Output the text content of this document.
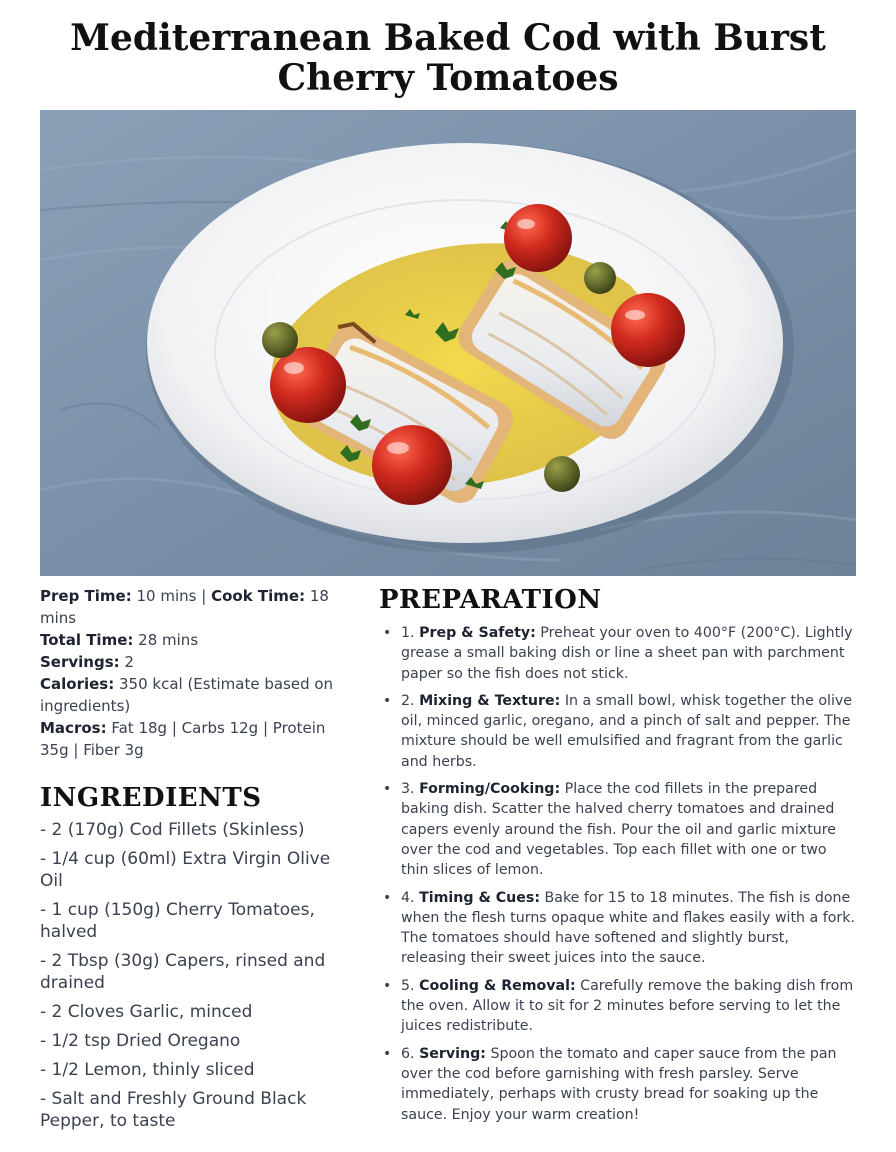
Mediterranean Baked Cod with Burst Cherry Tomatoes

Prep Time: 10 mins | Cook Time: 18 mins

Total Time: 28 mins

Servings: 2

Calories: 350 kcal (Estimate based on ingredients)

Macros: Fat 18g | Carbs 12g | Protein 35g | Fiber 3g

INGREDIENTS
- 2 (170g) Cod Fillets (Skinless)
- 1/4 cup (60ml) Extra Virgin Olive Oil
- 1 cup (150g) Cherry Tomatoes, halved
- 2 Tbsp (30g) Capers, rinsed and drained
- 2 Cloves Garlic, minced
- 1/2 tsp Dried Oregano
- 1/2 Lemon, thinly sliced
- Salt and Freshly Ground Black Pepper, to taste
PREPARATION
• 1. Prep & Safety: Preheat your oven to 400°F (200°C). Lightly grease a small baking dish or line a sheet pan with parchment paper so the fish does not stick.
• 2. Mixing & Texture: In a small bowl, whisk together the olive oil, minced garlic, oregano, and a pinch of salt and pepper. The mixture should be well emulsified and fragrant from the garlic and herbs.
• 3. Forming/Cooking: Place the cod fillets in the prepared baking dish. Scatter the halved cherry tomatoes and drained capers evenly around the fish. Pour the oil and garlic mixture over the cod and vegetables. Top each fillet with one or two thin slices of lemon.
• 4. Timing & Cues: Bake for 15 to 18 minutes. The fish is done when the flesh turns opaque white and flakes easily with a fork. The tomatoes should have softened and slightly burst, releasing their sweet juices into the sauce.
• 5. Cooling & Removal: Carefully remove the baking dish from the oven. Allow it to sit for 2 minutes before serving to let the juices redistribute.
• 6. Serving: Spoon the tomato and caper sauce from the pan over the cod before garnishing with fresh parsley. Serve immediately, perhaps with crusty bread for soaking up the sauce. Enjoy your warm creation!
